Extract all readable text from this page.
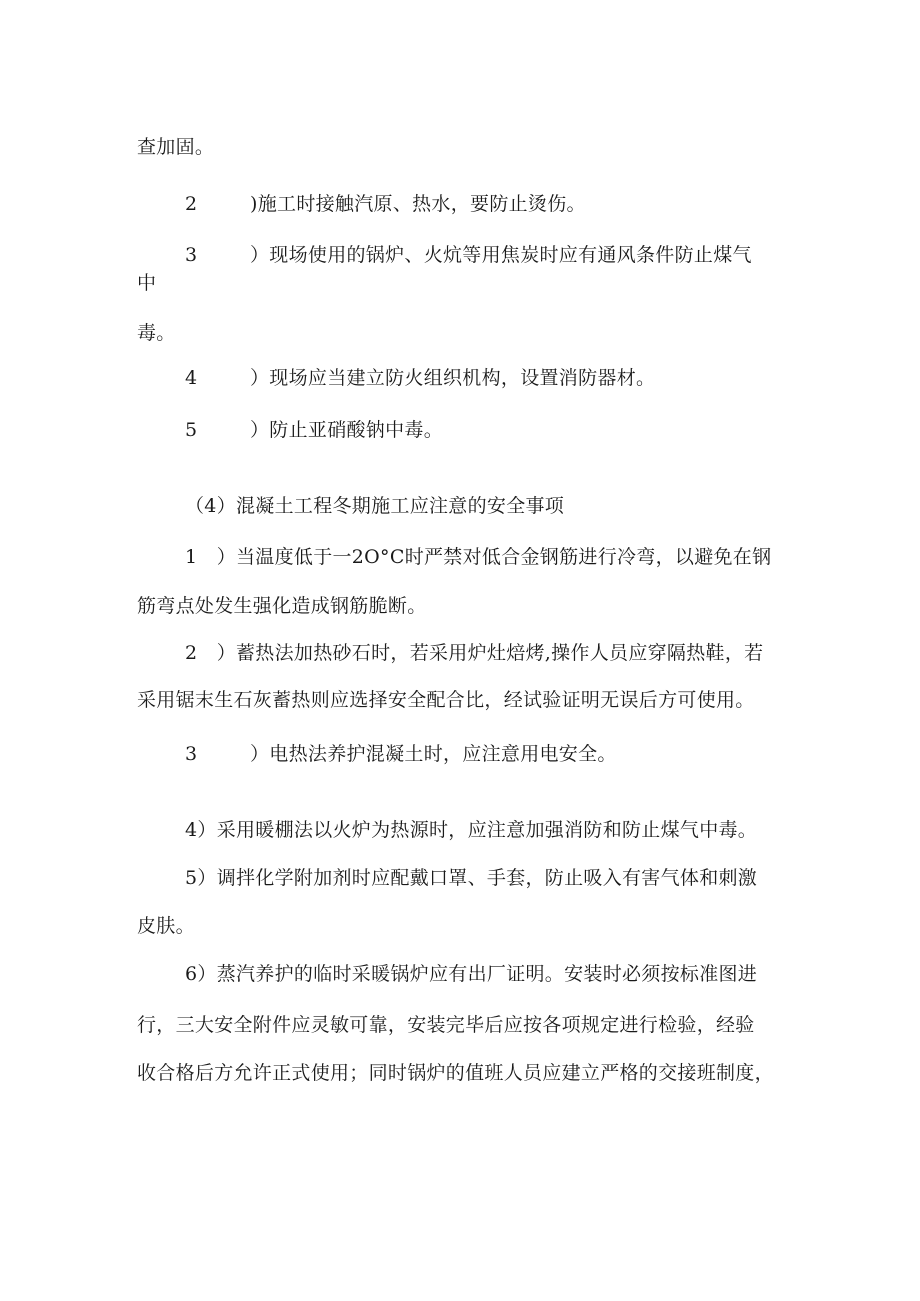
查加固。
2	)施工时接触汽原、热水，要防止烫伤。
3	）现场使用的锅炉、火炕等用焦炭时应有通风条件防止煤气
中
毒。
4	）现场应当建立防火组织机构，设置消防器材。
5	）防止亚硝酸钠中毒。
（4）混凝土工程冬期施工应注意的安全事项
1　）当温度低于一2O°C时严禁对低合金钢筋进行冷弯，以避免在钢
筋弯点处发生强化造成钢筋脆断。
2　）蓄热法加热砂石时，若采用炉灶焙烤,操作人员应穿隔热鞋，若
采用锯末生石灰蓄热则应选择安全配合比，经试验证明无误后方可使用。
3	）电热法养护混凝土时，应注意用电安全。
4）采用暖棚法以火炉为热源时，应注意加强消防和防止煤气中毒。
5）调拌化学附加剂时应配戴口罩、手套，防止吸入有害气体和刺激
皮肤。
6）蒸汽养护的临时采暖锅炉应有出厂证明。安装时必须按标准图进
行，三大安全附件应灵敏可靠，安装完毕后应按各项规定进行检验，经验
收合格后方允许正式使用；同时锅炉的值班人员应建立严格的交接班制度，
